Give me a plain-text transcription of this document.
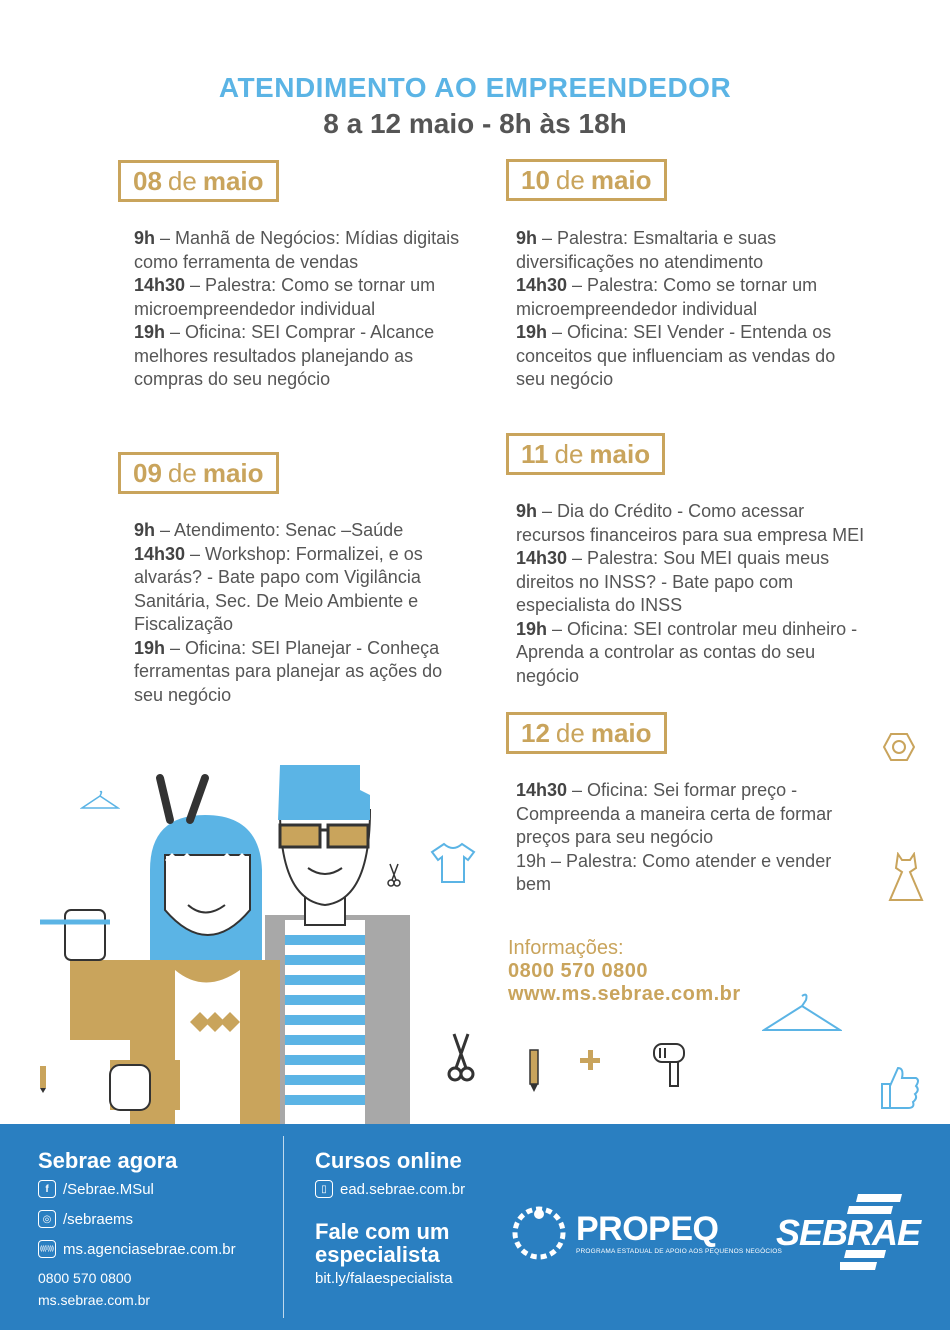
ATENDIMENTO AO EMPREENDEDOR
8 a 12 maio - 8h às 18h
08 de maio

9h – Manhã de Negócios: Mídias digitais como ferramenta de vendas

14h30 – Palestra: Como se tornar um microempreendedor individual

19h – Oficina: SEI Comprar - Alcance melhores resultados planejando as compras do seu negócio

09 de maio

9h – Atendimento: Senac –Saúde

14h30 – Workshop: Formalizei, e os alvarás? - Bate papo com Vigilância Sanitária, Sec. De Meio Ambiente e Fiscalização

19h – Oficina: SEI Planejar - Conheça ferramentas para planejar as ações do seu negócio

10 de maio

9h – Palestra: Esmaltaria e suas diversificações no atendimento

14h30 – Palestra: Como se tornar um microempreendedor individual

19h – Oficina: SEI Vender - Entenda os conceitos que influenciam as vendas do seu negócio

11 de maio

9h – Dia do Crédito - Como acessar recursos financeiros para sua empresa MEI

14h30 – Palestra: Sou MEI quais meus direitos no INSS? - Bate papo com especialista do INSS

19h – Oficina: SEI controlar meu dinheiro - Aprenda a controlar as contas do seu negócio

12 de maio

14h30 – Oficina: Sei formar preço - Compreenda a maneira certa de formar preços para seu negócio

19h – Palestra: Como atender e vender bem

Informações:
0800 570 0800
www.ms.sebrae.com.br
Sebrae agora
f /Sebrae.MSul
◎ /sebraems
(((i))) ms.agenciasebrae.com.br
0800 570 0800
ms.sebrae.com.br
Cursos online
▯ ead.sebrae.com.br
Fale com um especialista
bit.ly/falaespecialista
PROPEQ
PROGRAMA ESTADUAL DE APOIO AOS PEQUENOS NEGÓCIOS
SEBRAE
